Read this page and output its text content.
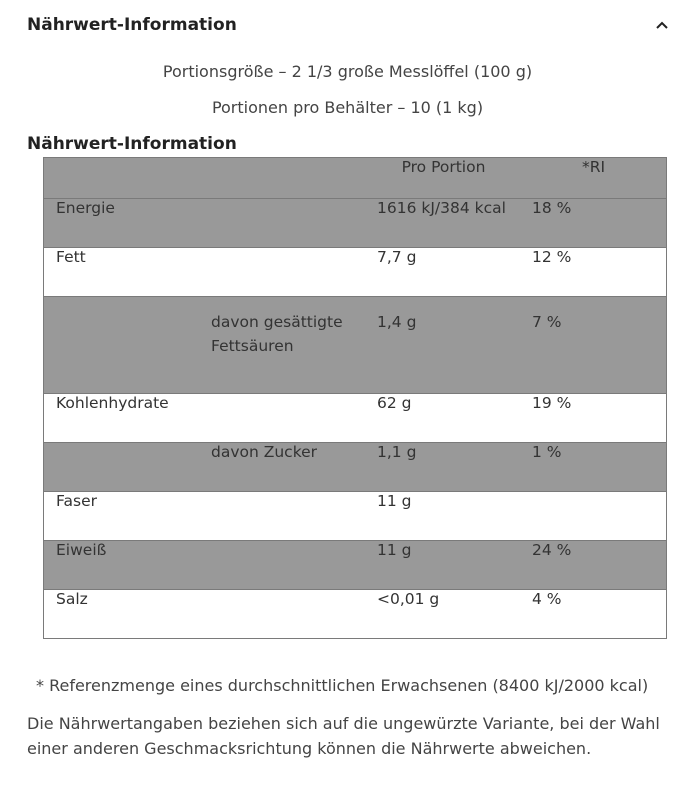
Nährwert-Information
Portionsgröße – 2 1/3 große Messlöffel (100 g)
Portionen pro Behälter – 10 (1 kg)
Nährwert-Information
		Pro Portion	*RI

Energie		1616 kJ/384 kcal	18 %

Fett		7,7 g	12 %

	davon gesättigte Fettsäuren	1,4 g	7 %

Kohlenhydrate		62 g	19 %

	davon Zucker	1,1 g	1 %

Faser		11 g	

Eiweiß		11 g	24 %

Salz		<0,01 g	4 %
* Referenzmenge eines durchschnittlichen Erwachsenen (8400 kJ/2000 kcal)
Die Nährwertangaben beziehen sich auf die ungewürzte Variante, bei der Wahl einer anderen Geschmacksrichtung können die Nährwerte abweichen.
